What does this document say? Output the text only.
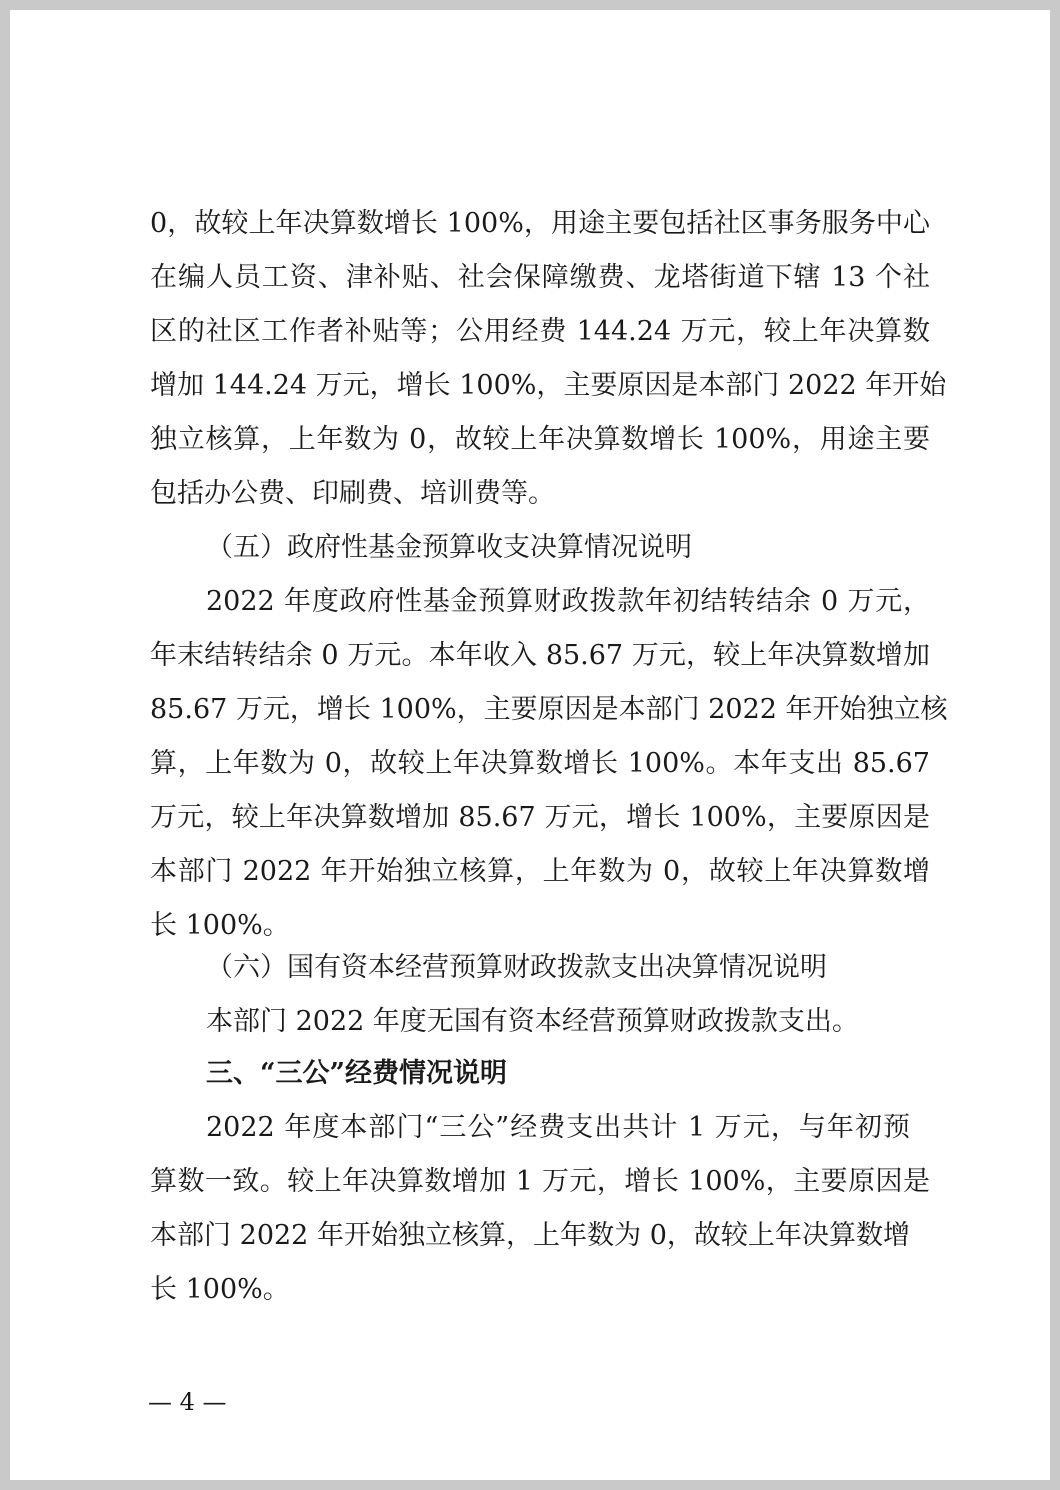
0，故较上年决算数增长 100%，用途主要包括社区事务服务中心
在编人员工资、津补贴、社会保障缴费、龙塔街道下辖 13 个社
区的社区工作者补贴等；公用经费 144.24 万元，较上年决算数
增加 144.24 万元，增长 100%，主要原因是本部门 2022 年开始
独立核算，上年数为 0，故较上年决算数增长 100%，用途主要
包括办公费、印刷费、培训费等。
（五）政府性基金预算收支决算情况说明
2022 年度政府性基金预算财政拨款年初结转结余 0 万元，
年末结转结余 0 万元。本年收入 85.67 万元，较上年决算数增加
85.67 万元，增长 100%，主要原因是本部门 2022 年开始独立核
算，上年数为 0，故较上年决算数增长 100%。本年支出 85.67
万元，较上年决算数增加 85.67 万元，增长 100%，主要原因是
本部门 2022 年开始独立核算，上年数为 0，故较上年决算数增
长 100%。
（六）国有资本经营预算财政拨款支出决算情况说明
本部门 2022 年度无国有资本经营预算财政拨款支出。
三、“三公”经费情况说明
2022 年度本部门“三公”经费支出共计 1 万元，与年初预
算数一致。较上年决算数增加 1 万元，增长 100%，主要原因是
本部门 2022 年开始独立核算，上年数为 0，故较上年决算数增
长 100%。
— 4 —
